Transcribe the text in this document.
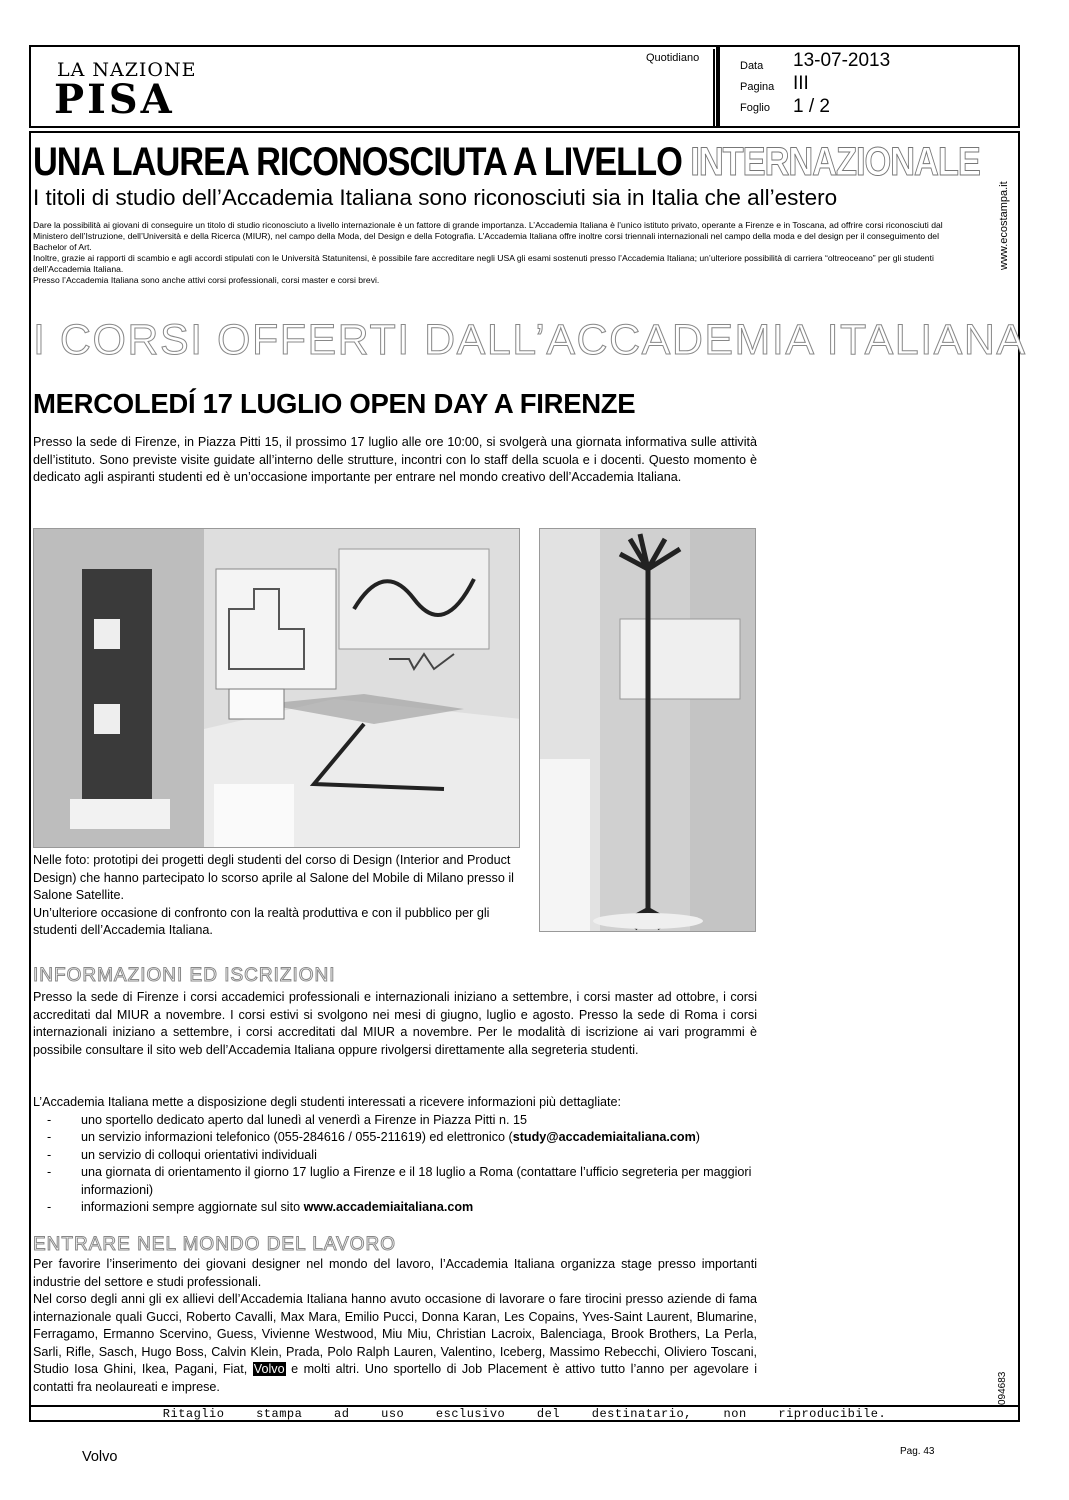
LA NAZIONE
PISA
Quotidiano
Data 13-07-2013
Pagina III
Foglio 1 / 2
Ritaglio stampa ad uso esclusivo del destinatario, non riproducibile.
www.ecostampa.it
094683
UNA LAUREA RICONOSCIUTA A LIVELLO INTERNAZIONALE
I titoli di studio dell’Accademia Italiana sono riconosciuti sia in Italia che all’estero

Dare la possibilità ai giovani di conseguire un titolo di studio riconosciuto a livello internazionale è un fattore di grande importanza. L’Accademia Italiana è l’unico istituto privato, operante a Firenze e in Toscana, ad offrire corsi riconosciuti dal Ministero dell’Istruzione, dell’Università e della Ricerca (MIUR), nel campo della Moda, del Design e della Fotografia. L’Accademia Italiana offre inoltre corsi triennali internazionali nel campo della moda e del design per il conseguimento del Bachelor of Art.

Inoltre, grazie ai rapporti di scambio e agli accordi stipulati con le Università Statunitensi, è possibile fare accreditare negli USA gli esami sostenuti presso l’Accademia Italiana; un’ulteriore possibilità di carriera “oltreoceano” per gli studenti dell’Accademia Italiana.

Presso l’Accademia Italiana sono anche attivi corsi professionali, corsi master e corsi brevi.

I CORSI OFFERTI DALL’ACCADEMIA ITALIANA
MERCOLEDÍ 17 LUGLIO OPEN DAY A FIRENZE
Presso la sede di Firenze, in Piazza Pitti 15, il prossimo 17 luglio alle ore 10:00, si svolgerà una giornata informativa sulle attività dell’istituto. Sono previste visite guidate all’interno delle strutture, incontri con lo staff della scuola e i docenti. Questo momento è dedicato agli aspiranti studenti ed è un’occasione importante per entrare nel mondo creativo dell’Accademia Italiana.

Nelle foto: prototipi dei progetti degli studenti del corso di Design (Interior and Product Design) che hanno partecipato lo scorso aprile al Salone del Mobile di Milano presso il Salone Satellite.

Un’ulteriore occasione di confronto con la realtà produttiva e con il pubblico per gli studenti dell’Accademia Italiana.

INFORMAZIONI ED ISCRIZIONI

Presso la sede di Firenze i corsi accademici professionali e internazionali iniziano a settembre, i corsi master ad ottobre, i corsi accreditati dal MIUR a novembre. I corsi estivi si svolgono nei mesi di giugno, luglio e agosto. Presso la sede di Roma i corsi internazionali iniziano a settembre, i corsi accreditati dal MIUR a novembre. Per le modalità di iscrizione ai vari programmi è possibile consultare il sito web dell’Accademia Italiana oppure rivolgersi direttamente alla segreteria studenti.

L’Accademia Italiana mette a disposizione degli studenti interessati a ricevere informazioni più dettagliate:

- uno sportello dedicato aperto dal lunedì al venerdì a Firenze in Piazza Pitti n. 15
- un servizio informazioni telefonico (055-284616 / 055-211619) ed elettronico (study@accademiaitaliana.com)
- un servizio di colloqui orientativi individuali
- una giornata di orientamento il giorno 17 luglio a Firenze e il 18 luglio a Roma (contattare l’ufficio segreteria per maggiori informazioni)
- informazioni sempre aggiornate sul sito www.accademiaitaliana.com
ENTRARE NEL MONDO DEL LAVORO

Per favorire l’inserimento dei giovani designer nel mondo del lavoro, l’Accademia Italiana organizza stage presso importanti industrie del settore e studi professionali.

Nel corso degli anni gli ex allievi dell’Accademia Italiana hanno avuto occasione di lavorare o fare tirocini presso aziende di fama internazionale quali Gucci, Roberto Cavalli, Max Mara, Emilio Pucci, Donna Karan, Les Copains, Yves-Saint Laurent, Blumarine, Ferragamo, Ermanno Scervino, Guess, Vivienne Westwood, Miu Miu, Christian Lacroix, Balenciaga, Brook Brothers, La Perla, Sarli, Rifle, Sasch, Hugo Boss, Calvin Klein, Prada, Polo Ralph Lauren, Valentino, Iceberg, Massimo Rebecchi, Oliviero Toscani, Studio Iosa Ghini, Ikea, Pagani, Fiat, Volvo e molti altri. Uno sportello di Job Placement è attivo tutto l’anno per agevolare i contatti fra neolaureati e imprese.

Volvo	Pag. 43
